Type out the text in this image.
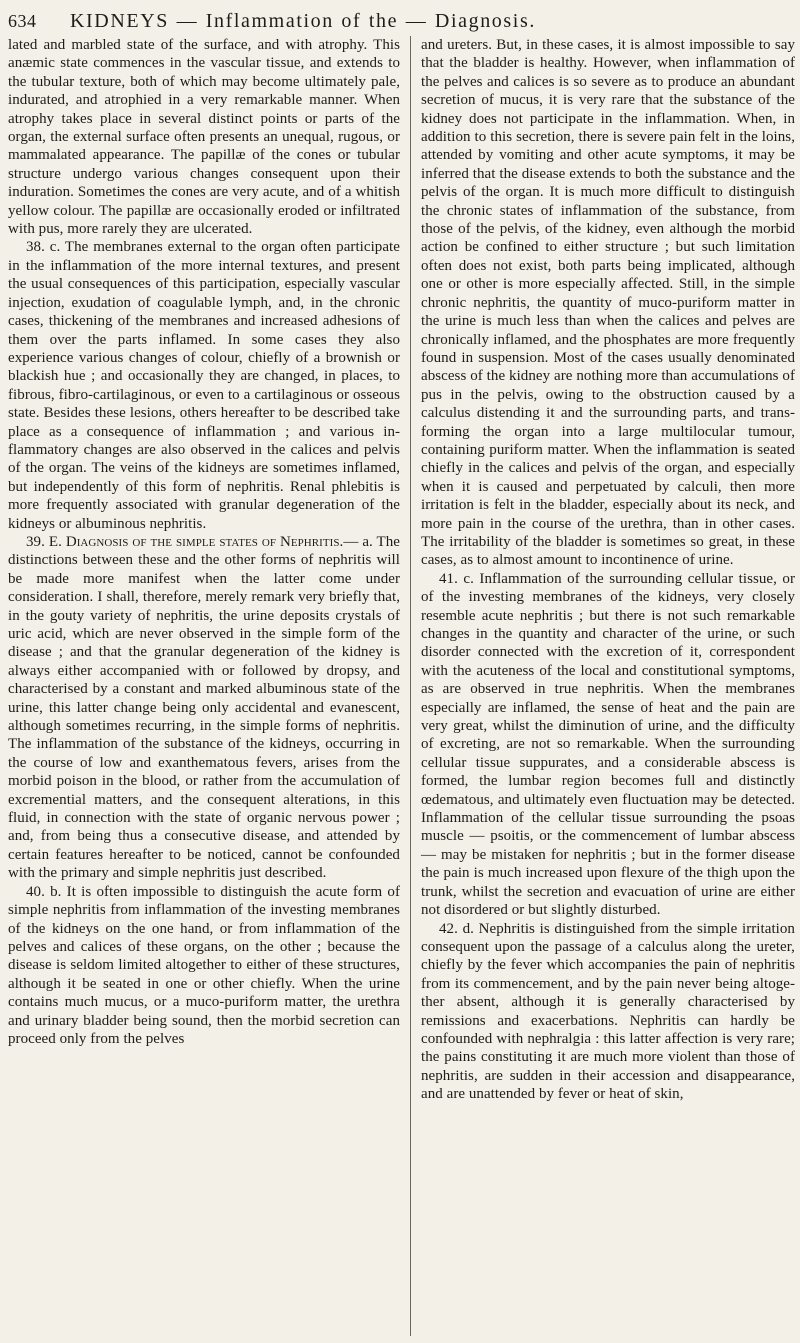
634	KIDNEYS — Inflammation of the — Diagnosis.

lated and marbled state of the surface, and with atrophy. This anæmic state commences in the vascular tissue, and extends to the tubular texture, both of which may become ultimately pale, indurated, and atrophied in a very remarkable manner. When atrophy takes place in several distinct points or parts of the organ, the external surface often presents an unequal, rugous, or mammalated appearance. The papillæ of the cones or tubular structure undergo various changes consequent upon their induration. Sometimes the cones are very acute, and of a whitish yellow colour. The papillæ are occasionally eroded or infiltrated with pus, more rarely they are ulcerated.

38. c. The membranes external to the organ often participate in the inflammation of the more internal textures, and present the usual consequences of this participation, especially vascular injection, exudation of coagulable lymph, and, in the chronic cases, thickening of the membranes and increased adhesions of them over the parts inflamed. In some cases they also experience various changes of colour, chiefly of a brownish or blackish hue ; and occasionally they are changed, in places, to fibrous, fibro-cartilaginous, or even to a cartilaginous or osseous state. Besides these lesions, others hereafter to be described take place as a consequence of inflammation ; and various inflammatory changes are also observed in the calices and pelvis of the organ. The veins of the kidneys are sometimes inflamed, but independently of this form of nephritis. Renal phlebitis is more frequently associated with granular degeneration of the kidneys or albuminous nephritis.

39. E. Diagnosis of the simple states of Nephritis.— a. The distinctions between these and the other forms of nephritis will be made more manifest when the latter come under consideration. I shall, therefore, merely remark very briefly that, in the gouty variety of nephritis, the urine deposits crystals of uric acid, which are never observed in the simple form of the disease ; and that the granular degeneration of the kidney is always either accompanied with or followed by dropsy, and characterised by a constant and marked albuminous state of the urine, this latter change being only accidental and evanescent, although sometimes recurring, in the simple forms of nephritis. The inflammation of the substance of the kidneys, occurring in the course of low and exanthematous fevers, arises from the morbid poison in the blood, or rather from the accumulation of excremential matters, and the consequent alterations, in this fluid, in connection with the state of organic nervous power ; and, from being thus a consecutive disease, and attended by certain features hereafter to be noticed, cannot be confounded with the primary and simple nephritis just described.

40. b. It is often impossible to distinguish the acute form of simple nephritis from inflammation of the investing membranes of the kidneys on the one hand, or from inflammation of the pelves and calices of these organs, on the other ; because the disease is seldom limited altogether to either of these structures, although it be seated in one or other chiefly. When the urine contains much mucus, or a muco-puriform matter, the urethra and urinary bladder being sound, then the morbid secretion can proceed only from the pelves

and ureters. But, in these cases, it is almost impossible to say that the bladder is healthy. However, when inflammation of the pelves and calices is so severe as to produce an abundant secretion of mucus, it is very rare that the substance of the kidney does not participate in the inflammation. When, in addition to this secretion, there is severe pain felt in the loins, attended by vomiting and other acute symptoms, it may be inferred that the disease extends to both the substance and the pelvis of the organ. It is much more difficult to distinguish the chronic states of inflammation of the substance, from those of the pelvis, of the kidney, even although the morbid action be confined to either structure ; but such limitation often does not exist, both parts being implicated, although one or other is more especially affected. Still, in the simple chronic nephritis, the quantity of muco-puriform matter in the urine is much less than when the calices and pelves are chronically inflamed, and the phosphates are more frequently found in suspension. Most of the cases usually denominated abscess of the kidney are nothing more than accumulations of pus in the pelvis, owing to the obstruction caused by a calculus distending it and the surrounding parts, and transforming the organ into a large multilocular tumour, containing puriform matter. When the inflammation is seated chiefly in the calices and pelvis of the organ, and especially when it is caused and perpetuated by calculi, then more irritation is felt in the bladder, especially about its neck, and more pain in the course of the urethra, than in other cases. The irritability of the bladder is sometimes so great, in these cases, as to almost amount to incontinence of urine.

41. c. Inflammation of the surrounding cellular tissue, or of the investing membranes of the kidneys, very closely resemble acute nephritis ; but there is not such remarkable changes in the quantity and character of the urine, or such disorder connected with the excretion of it, correspondent with the acuteness of the local and constitutional symptoms, as are observed in true nephritis. When the membranes especially are inflamed, the sense of heat and the pain are very great, whilst the diminution of urine, and the difficulty of excreting, are not so remarkable. When the surrounding cellular tissue suppurates, and a considerable abscess is formed, the lumbar region becomes full and distinctly œdematous, and ultimately even fluctuation may be detected. Inflammation of the cellular tissue surrounding the psoas muscle — psoitis, or the commencement of lumbar abscess — may be mistaken for nephritis ; but in the former disease the pain is much increased upon flexure of the thigh upon the trunk, whilst the secretion and evacuation of urine are either not disordered or but slightly disturbed.

42. d. Nephritis is distinguished from the simple irritation consequent upon the passage of a calculus along the ureter, chiefly by the fever which accompanies the pain of nephritis from its commencement, and by the pain never being altogether absent, although it is generally characterised by remissions and exacerbations. Nephritis can hardly be confounded with nephralgia : this latter affection is very rare; the pains constituting it are much more violent than those of nephritis, are sudden in their accession and disappearance, and are unattended by fever or heat of skin,
